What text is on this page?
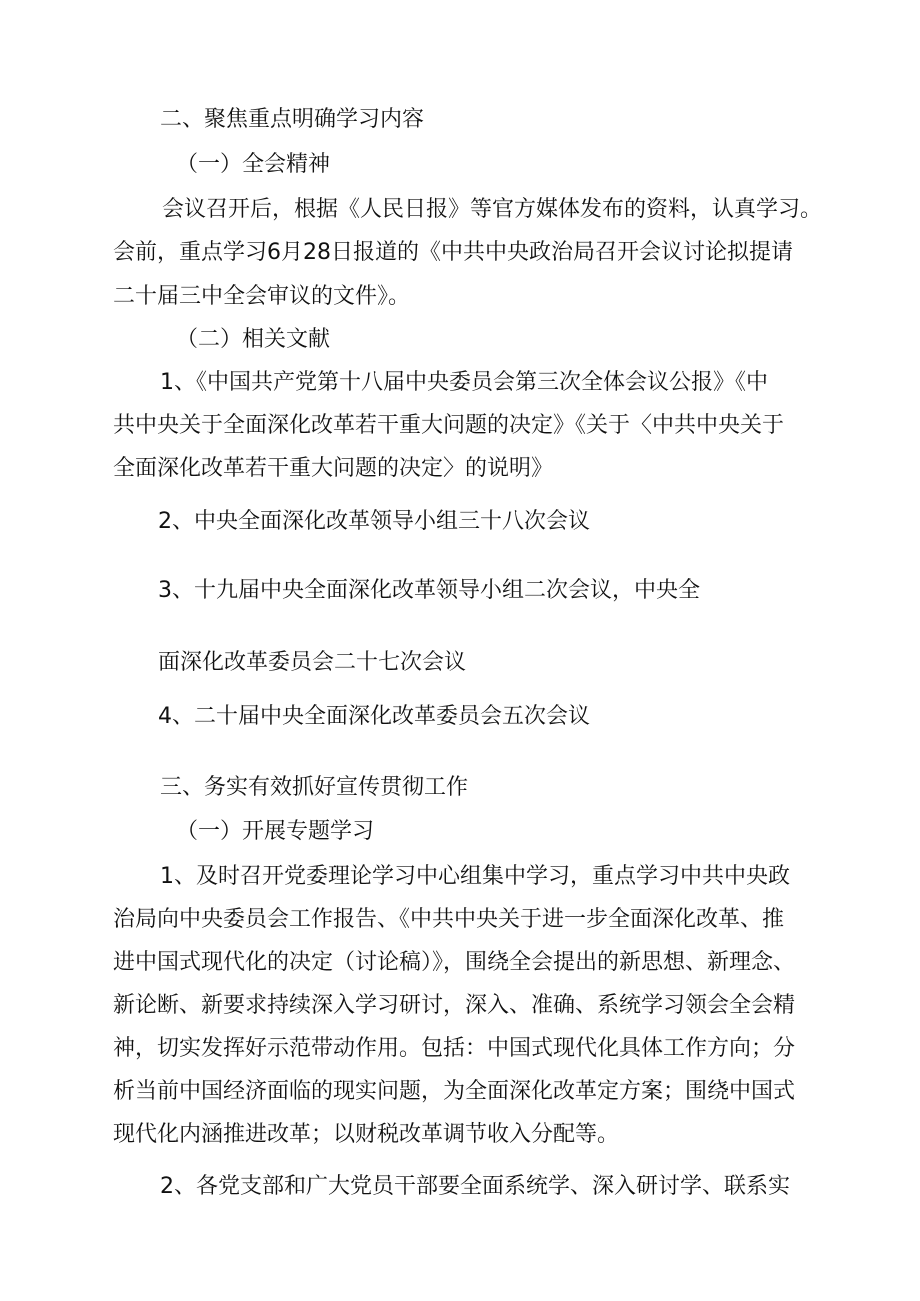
二、聚焦重点明确学习内容

（一）全会精神

会议召开后，根据《人民日报》等官方媒体发布的资料，认真学习。

会前，重点学习6月28日报道的《中共中央政治局召开会议讨论拟提请

二十届三中全会审议的文件》。

（二）相关文献

1、《中国共产党第十八届中央委员会第三次全体会议公报》《中

共中央关于全面深化改革若干重大问题的决定》《关于〈中共中央关于

全面深化改革若干重大问题的决定〉的说明》

2、中央全面深化改革领导小组三十八次会议

3、十九届中央全面深化改革领导小组二次会议，中央全

面深化改革委员会二十七次会议

4、二十届中央全面深化改革委员会五次会议

三、务实有效抓好宣传贯彻工作

（一）开展专题学习

1、及时召开党委理论学习中心组集中学习，重点学习中共中央政

治局向中央委员会工作报告、《中共中央关于进一步全面深化改革、推

进中国式现代化的决定（讨论稿）》，围绕全会提出的新思想、新理念、

新论断、新要求持续深入学习研讨，深入、准确、系统学习领会全会精

神，切实发挥好示范带动作用。包括：中国式现代化具体工作方向；分

析当前中国经济面临的现实问题，为全面深化改革定方案；围绕中国式

现代化内涵推进改革；以财税改革调节收入分配等。

2、各党支部和广大党员干部要全面系统学、深入研讨学、联系实
